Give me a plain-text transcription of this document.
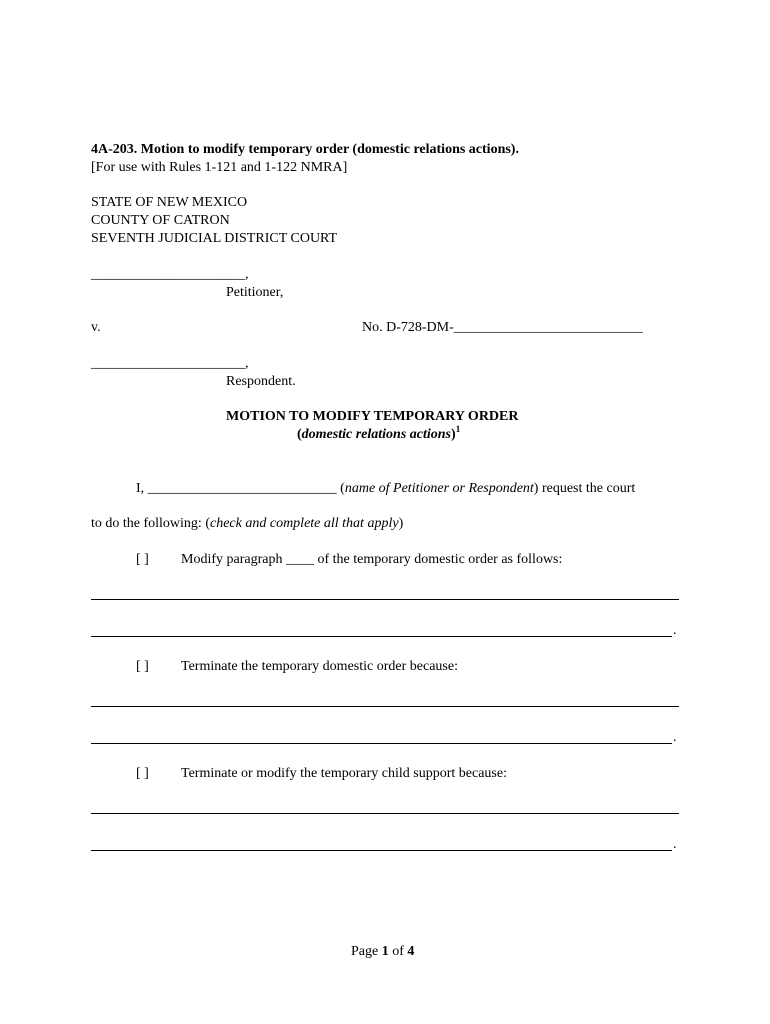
4A-203. Motion to modify temporary order (domestic relations actions).
[For use with Rules 1-121 and 1-122 NMRA]
STATE OF NEW MEXICO
COUNTY OF CATRON
SEVENTH JUDICIAL DISTRICT COURT
______________________,
Petitioner,
v.	No. D-728-DM-___________________________
______________________,
Respondent.
MOTION TO MODIFY TEMPORARY ORDER
(domestic relations actions)$^1$
I, ___________________________ (name of Petitioner or Respondent) request the court
to do the following: (check and complete all that apply)
[ ] Modify paragraph ____ of the temporary domestic order as follows:
.
[ ] Terminate the temporary domestic order because:
.
[ ] Terminate or modify the temporary child support because:
.
Page 1 of 4
